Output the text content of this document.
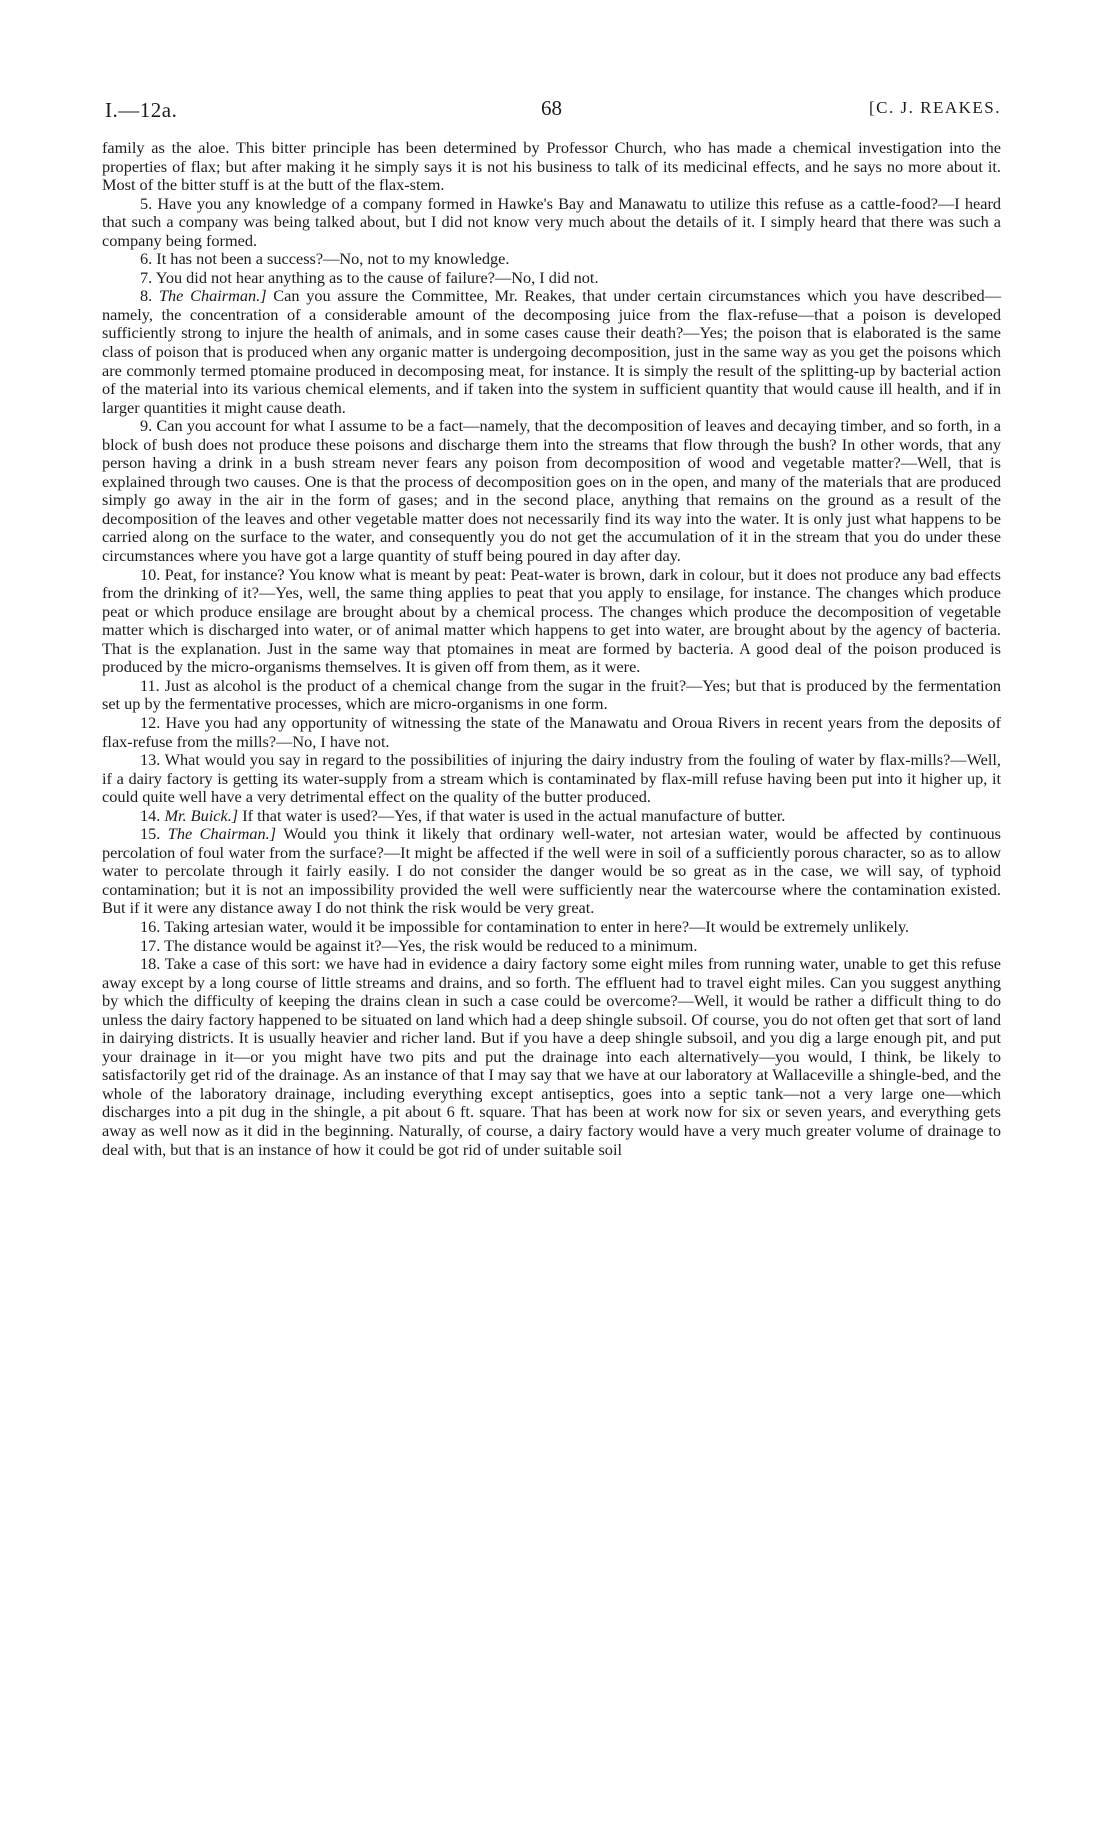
I.—12a.	68	[C. J. REAKES.

family as the aloe. This bitter principle has been determined by Professor Church, who has made a chemical investigation into the properties of flax; but after making it he simply says it is not his business to talk of its medicinal effects, and he says no more about it. Most of the bitter stuff is at the butt of the flax-stem.

5. Have you any knowledge of a company formed in Hawke's Bay and Manawatu to utilize this refuse as a cattle-food?—I heard that such a company was being talked about, but I did not know very much about the details of it. I simply heard that there was such a company being formed.

6. It has not been a success?—No, not to my knowledge.

7. You did not hear anything as to the cause of failure?—No, I did not.

8. The Chairman.] Can you assure the Committee, Mr. Reakes, that under certain circumstances which you have described—namely, the concentration of a considerable amount of the decomposing juice from the flax-refuse—that a poison is developed sufficiently strong to injure the health of animals, and in some cases cause their death?—Yes; the poison that is elaborated is the same class of poison that is produced when any organic matter is undergoing decomposition, just in the same way as you get the poisons which are commonly termed ptomaine produced in decomposing meat, for instance. It is simply the result of the splitting-up by bacterial action of the material into its various chemical elements, and if taken into the system in sufficient quantity that would cause ill health, and if in larger quantities it might cause death.

9. Can you account for what I assume to be a fact—namely, that the decomposition of leaves and decaying timber, and so forth, in a block of bush does not produce these poisons and discharge them into the streams that flow through the bush? In other words, that any person having a drink in a bush stream never fears any poison from decomposition of wood and vegetable matter?—Well, that is explained through two causes. One is that the process of decomposition goes on in the open, and many of the materials that are produced simply go away in the air in the form of gases; and in the second place, anything that remains on the ground as a result of the decomposition of the leaves and other vegetable matter does not necessarily find its way into the water. It is only just what happens to be carried along on the surface to the water, and consequently you do not get the accumulation of it in the stream that you do under these circumstances where you have got a large quantity of stuff being poured in day after day.

10. Peat, for instance? You know what is meant by peat: Peat-water is brown, dark in colour, but it does not produce any bad effects from the drinking of it?—Yes, well, the same thing applies to peat that you apply to ensilage, for instance. The changes which produce peat or which produce ensilage are brought about by a chemical process. The changes which produce the decomposition of vegetable matter which is discharged into water, or of animal matter which happens to get into water, are brought about by the agency of bacteria. That is the explanation. Just in the same way that ptomaines in meat are formed by bacteria. A good deal of the poison produced is produced by the micro-organisms themselves. It is given off from them, as it were.

11. Just as alcohol is the product of a chemical change from the sugar in the fruit?—Yes; but that is produced by the fermentation set up by the fermentative processes, which are micro-organisms in one form.

12. Have you had any opportunity of witnessing the state of the Manawatu and Oroua Rivers in recent years from the deposits of flax-refuse from the mills?—No, I have not.

13. What would you say in regard to the possibilities of injuring the dairy industry from the fouling of water by flax-mills?—Well, if a dairy factory is getting its water-supply from a stream which is contaminated by flax-mill refuse having been put into it higher up, it could quite well have a very detrimental effect on the quality of the butter produced.

14. Mr. Buick.] If that water is used?—Yes, if that water is used in the actual manufacture of butter.

15. The Chairman.] Would you think it likely that ordinary well-water, not artesian water, would be affected by continuous percolation of foul water from the surface?—It might be affected if the well were in soil of a sufficiently porous character, so as to allow water to percolate through it fairly easily. I do not consider the danger would be so great as in the case, we will say, of typhoid contamination; but it is not an impossibility provided the well were sufficiently near the watercourse where the contamination existed. But if it were any distance away I do not think the risk would be very great.

16. Taking artesian water, would it be impossible for contamination to enter in here?—It would be extremely unlikely.

17. The distance would be against it?—Yes, the risk would be reduced to a minimum.

18. Take a case of this sort: we have had in evidence a dairy factory some eight miles from running water, unable to get this refuse away except by a long course of little streams and drains, and so forth. The effluent had to travel eight miles. Can you suggest anything by which the difficulty of keeping the drains clean in such a case could be overcome?—Well, it would be rather a difficult thing to do unless the dairy factory happened to be situated on land which had a deep shingle subsoil. Of course, you do not often get that sort of land in dairying districts. It is usually heavier and richer land. But if you have a deep shingle subsoil, and you dig a large enough pit, and put your drainage in it—or you might have two pits and put the drainage into each alternatively—you would, I think, be likely to satisfactorily get rid of the drainage. As an instance of that I may say that we have at our laboratory at Wallaceville a shingle-bed, and the whole of the laboratory drainage, including everything except antiseptics, goes into a septic tank—not a very large one—which discharges into a pit dug in the shingle, a pit about 6 ft. square. That has been at work now for six or seven years, and everything gets away as well now as it did in the beginning. Naturally, of course, a dairy factory would have a very much greater volume of drainage to deal with, but that is an instance of how it could be got rid of under suitable soil
